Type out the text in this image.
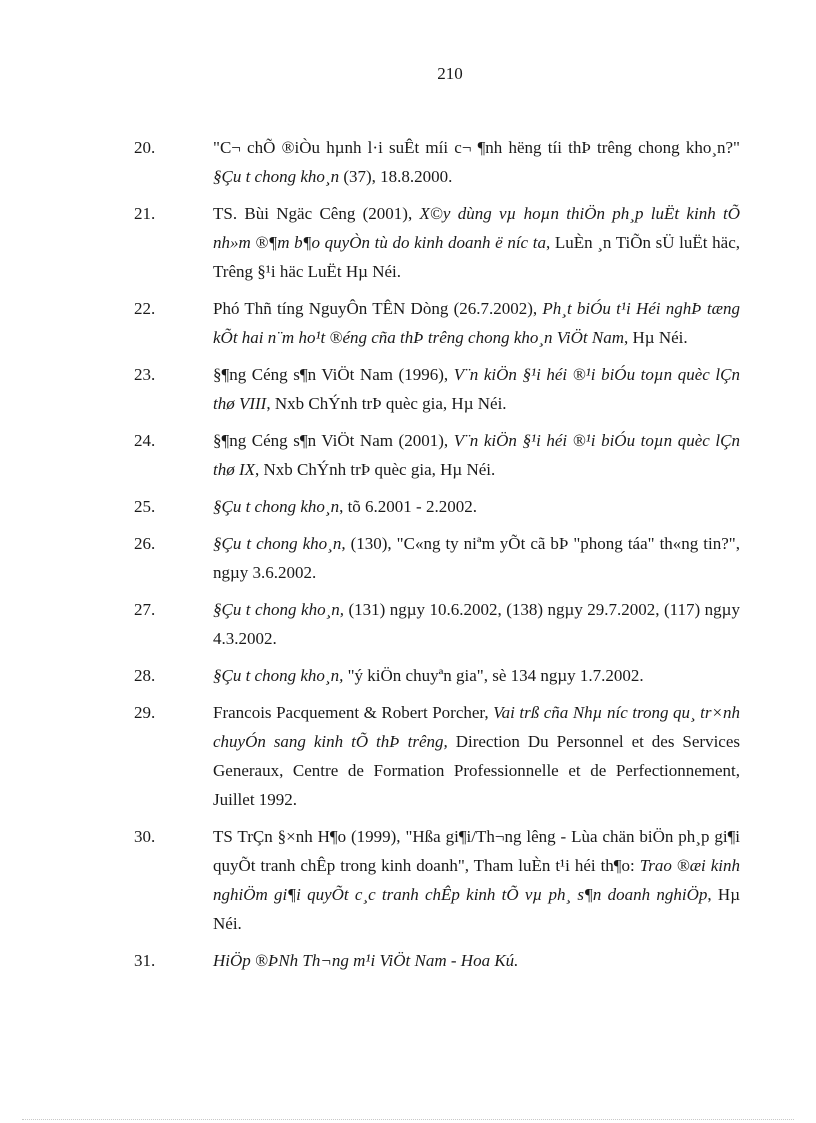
210
20.	"C¬ chÕ ®iÒu hµnh l·i suÊt míi c¬ ¶nh hëng tíi thÞ trêng chong kho¸n?" §Çu t chong kho¸n (37), 18.8.2000.
21.	TS. Bùi Ngäc Cêng (2001), X©y dùng vµ hoµn thiÖn ph¸p luËt kinh tÕ nh»m ®¶m b¶o quyÒn tù do kinh doanh ë níc ta, LuÈn ¸n TiÕn sÜ luËt häc, Trêng §¹i häc LuËt Hµ Néi.
22.	Phó Thñ tíng NguyÔn TÊN Dòng (26.7.2002), Ph¸t biÓu t¹i Héi nghÞ tæng kÕt hai n¨m ho¹t ®éng cña thÞ trêng chong kho¸n ViÖt Nam, Hµ Néi.
23.	§¶ng Céng s¶n ViÖt Nam (1996), V¨n kiÖn §¹i héi ®¹i biÓu toµn quèc lÇn thø VIII, Nxb ChÝnh trÞ quèc gia, Hµ Néi.
24.	§¶ng Céng s¶n ViÖt Nam (2001), V¨n kiÖn §¹i héi ®¹i biÓu toµn quèc lÇn thø IX, Nxb ChÝnh trÞ quèc gia, Hµ Néi.
25.	§Çu t chong kho¸n, tõ 6.2001 - 2.2002.
26.	§Çu t chong kho¸n, (130), "C«ng ty niªm yÕt cã bÞ "phong táa" th«ng tin?", ngµy 3.6.2002.
27.	§Çu t chong kho¸n, (131) ngµy 10.6.2002, (138) ngµy 29.7.2002, (117) ngµy 4.3.2002.
28.	§Çu t chong kho¸n, "ý kiÖn chuyªn gia", sè 134 ngµy 1.7.2002.
29.	Francois Pacquement & Robert Porcher, Vai trß cña Nhµ níc trong qu¸ tr×nh chuyÓn sang kinh tÕ thÞ trêng, Direction Du Personnel et des Services Generaux, Centre de Formation Professionnelle et de Perfectionnement, Juillet 1992.
30.	TS TrÇn §×nh H¶o (1999), "Hßa gi¶i/Th¬ng lêng - Lùa chän biÖn ph¸p gi¶i quyÕt tranh chÊp trong kinh doanh", Tham luÈn t¹i héi th¶o: Trao ®æi kinh nghiÖm gi¶i quyÕt c¸c tranh chÊp kinh tÕ vµ ph¸ s¶n doanh nghiÖp, Hµ Néi.
31.	HiÖp ®ÞNh Th¬ng m¹i ViÖt Nam - Hoa Kú.
